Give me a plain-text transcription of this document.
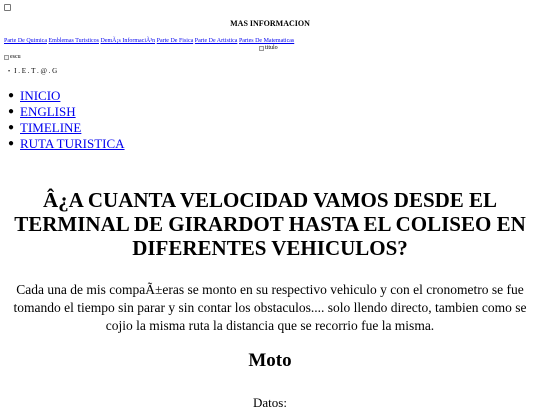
MAS INFORMACION
Parte De Quimica Emblemas Turisticos DemÃ¡s InformaciÃ³n Parte De Fisica Parte De Artistica Partes De Matematicas
titulo
escu
• I . E . T . @ . G
● INICIO
● ENGLISH
● TIMELINE
● RUTA TURISTICA
Â¿A CUANTA VELOCIDAD VAMOS DESDE EL TERMINAL DE GIRARDOT HASTA EL COLISEO EN DIFERENTES VEHICULOS?

Cada una de mis compaÃ±eras se monto en su respectivo vehiculo y con el cronometro se fue tomando el tiempo sin parar y sin contar los obstaculos.... solo llendo directo, tambien como se cojio la misma ruta la distancia que se recorrio fue la misma.

Moto

Datos:
